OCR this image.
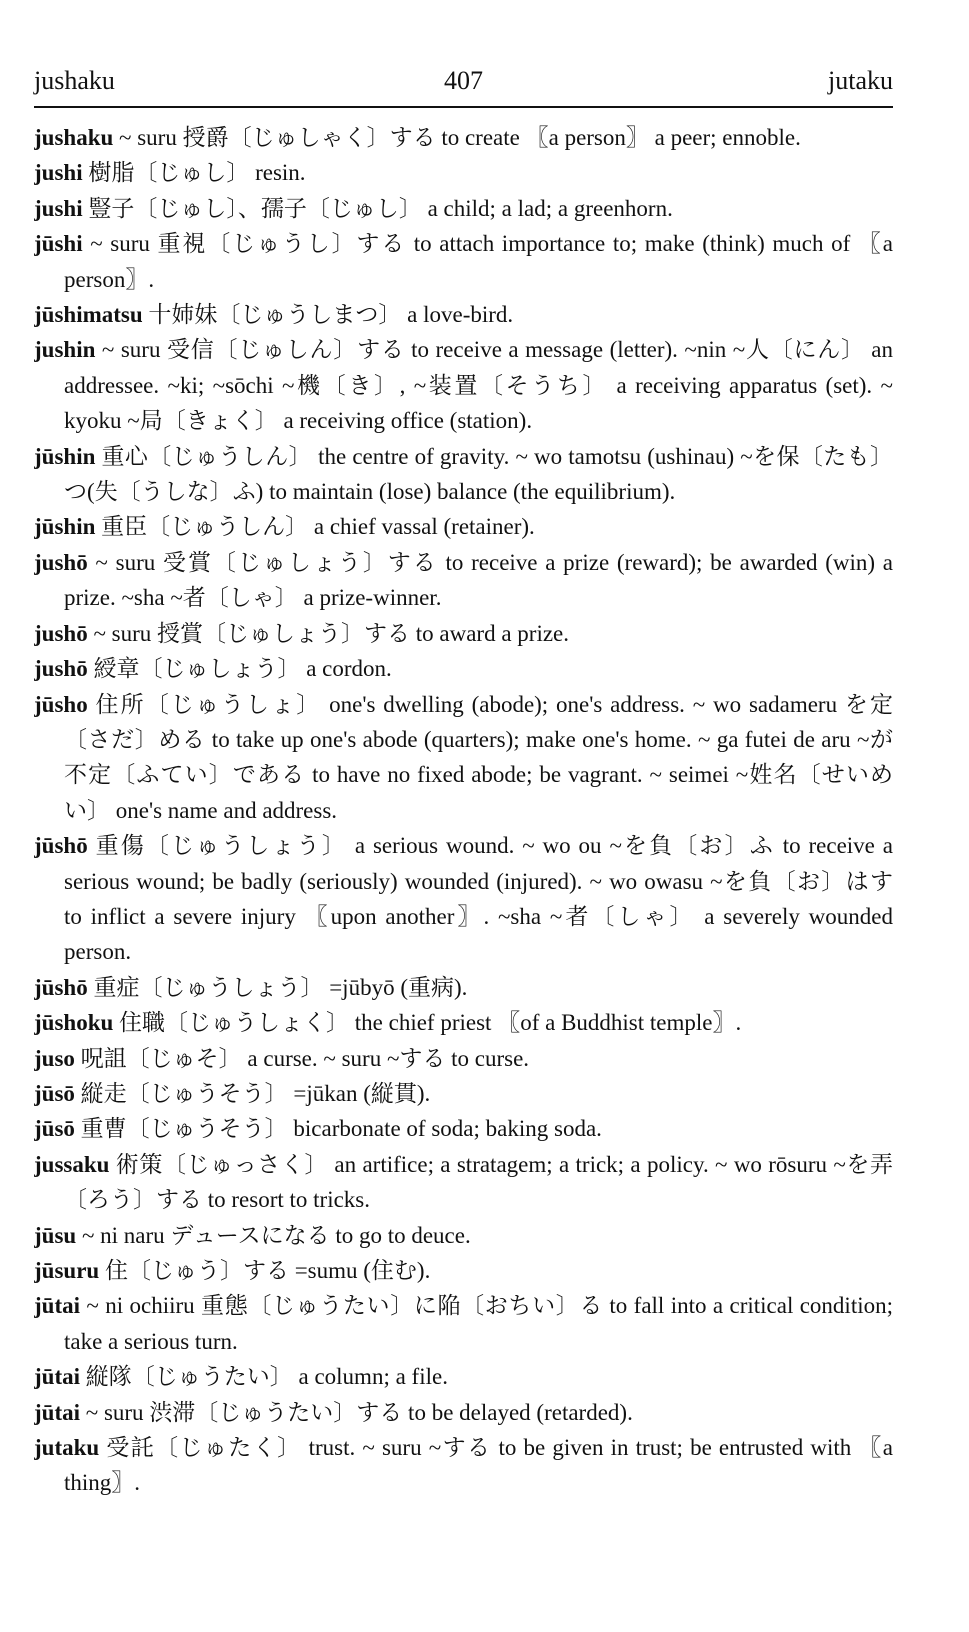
jushaku	407	jutaku
jushaku ~ suru 授爵〔じゅしゃく〕する to create 〖a person〗 a peer; ennoble.
jushi 樹脂〔じゅし〕 resin.
jushi 豎子〔じゅし〕、孺子〔じゅし〕 a child; a lad; a greenhorn.
jūshi ~ suru 重視〔じゅうし〕する to attach importance to; make (think) much of 〖a person〗.
jūshimatsu 十姉妹〔じゅうしまつ〕 a love-bird.
jushin ~ suru 受信〔じゅしん〕する to receive a message (letter). ~nin ~人〔にん〕 an addressee. ~ki; ~sōchi ~機〔き〕, ~装置〔そうち〕 a receiving apparatus (set). ~ kyoku ~局〔きょく〕 a receiving office (station).
jūshin 重心〔じゅうしん〕 the centre of gravity. ~ wo tamotsu (ushinau) ~を保〔たも〕つ(失〔うしな〕ふ) to maintain (lose) balance (the equilibrium).
jūshin 重臣〔じゅうしん〕 a chief vassal (retainer).
jushō ~ suru 受賞〔じゅしょう〕する to receive a prize (reward); be awarded (win) a prize. ~sha ~者〔しゃ〕 a prize-winner.
jushō ~ suru 授賞〔じゅしょう〕する to award a prize.
jushō 綬章〔じゅしょう〕 a cordon.
jūsho 住所〔じゅうしょ〕 one's dwelling (abode); one's address. ~ wo sadameru を定〔さだ〕める to take up one's abode (quarters); make one's home. ~ ga futei de aru ~が不定〔ふてい〕である to have no fixed abode; be vagrant. ~ seimei ~姓名〔せいめい〕 one's name and address.
jūshō 重傷〔じゅうしょう〕 a serious wound. ~ wo ou ~を負〔お〕ふ to receive a serious wound; be badly (seriously) wounded (injured). ~ wo owasu ~を負〔お〕はす to inflict a severe injury 〖upon another〗. ~sha ~者〔しゃ〕 a severely wounded person.
jūshō 重症〔じゅうしょう〕 =jūbyō (重病).
jūshoku 住職〔じゅうしょく〕 the chief priest 〖of a Buddhist temple〗.
juso 呪詛〔じゅそ〕 a curse. ~ suru ~する to curse.
jūsō 縦走〔じゅうそう〕 =jūkan (縦貫).
jūsō 重曹〔じゅうそう〕 bicarbonate of soda; baking soda.
jussaku 術策〔じゅっさく〕 an artifice; a stratagem; a trick; a policy. ~ wo rōsuru ~を弄〔ろう〕する to resort to tricks.
jūsu ~ ni naru デュースになる to go to deuce.
jūsuru 住〔じゅう〕する =sumu (住む).
jūtai ~ ni ochiiru 重態〔じゅうたい〕に陥〔おちい〕る to fall into a critical condition; take a serious turn.
jūtai 縦隊〔じゅうたい〕 a column; a file.
jūtai ~ suru 渋滞〔じゅうたい〕する to be delayed (retarded).
jutaku 受託〔じゅたく〕 trust. ~ suru ~する to be given in trust; be entrusted with 〖a thing〗.
